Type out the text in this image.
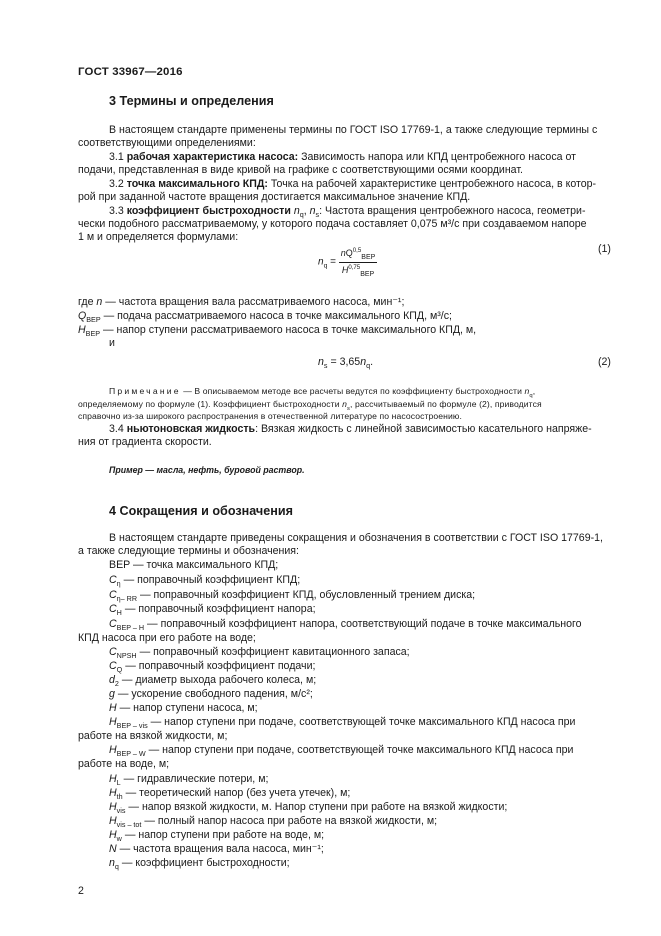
ГОСТ 33967—2016
3 Термины и определения
В настоящем стандарте применены термины по ГОСТ ISO 17769-1, а также следующие термины с
соответствующими определениями:
3.1 рабочая характеристика насоса: Зависимость напора или КПД центробежного насоса от
подачи, представленная в виде кривой на графике с соответствующими осями координат.
3.2 точка максимального КПД: Точка на рабочей характеристике центробежного насоса, в котор-
рой при заданной частоте вращения достигается максимальное значение КПД.
3.3 коэффициент быстроходности $n_q$, $n_s$: Частота вращения центробежного насоса, геометри-
чески подобного рассматриваемому, у которого подача составляет 0,075 м³/с при создаваемом напоре
1 м и определяется формулами:
$n_q = \frac{nQ^{0,5}_{BEP}}{H^{0,75}_{BEP}}$	(1)
где n — частота вращения вала рассматриваемого насоса, мин⁻¹;
$Q_{BEP}$ — подача рассматриваемого насоса в точке максимального КПД, м³/с;
$H_{BEP}$ — напор ступени рассматриваемого насоса в точке максимального КПД, м,
и
$n_s = 3,65n_q$.	(2)
Примечание — В описываемом методе все расчеты ведутся по коэффициенту быстроходности $n_q$,
определяемому по формуле (1). Коэффициент быстроходности $n_s$, рассчитываемый по формуле (2), приводится
справочно из-за широкого распространения в отечественной литературе по насосостроению.
3.4 ньютоновская жидкость: Вязкая жидкость с линейной зависимостью касательного напряже-
ния от градиента скорости.
Пример — масла, нефть, буровой раствор.
4 Сокращения и обозначения
В настоящем стандарте приведены сокращения и обозначения в соответствии с ГОСТ ISO 17769-1,
а также следующие термины и обозначения:
BEP — точка максимального КПД;
$C_\eta$ — поправочный коэффициент КПД;
$C_{\eta- RR}$ — поправочный коэффициент КПД, обусловленный трением диска;
$C_H$ — поправочный коэффициент напора;
$C_{BEP - H}$ — поправочный коэффициент напора, соответствующий подаче в точке максимального
КПД насоса при его работе на воде;
$C_{NPSH}$ — поправочный коэффициент кавитационного запаса;
$C_Q$ — поправочный коэффициент подачи;
$d_2$ — диаметр выхода рабочего колеса, м;
g — ускорение свободного падения, м/с²;
H — напор ступени насоса, м;
$H_{BEP - vis}$ — напор ступени при подаче, соответствующей точке максимального КПД насоса при
работе на вязкой жидкости, м;
$H_{BEP - W}$ — напор ступени при подаче, соответствующей точке максимального КПД насоса при
работе на воде, м;
$H_L$ — гидравлические потери, м;
$H_{th}$ — теоретический напор (без учета утечек), м;
$H_{vis}$ — напор вязкой жидкости, м. Напор ступени при работе на вязкой жидкости;
$H_{vis - tot}$ — полный напор насоса при работе на вязкой жидкости, м;
$H_w$ — напор ступени при работе на воде, м;
N — частота вращения вала насоса, мин⁻¹;
$n_q$ — коэффициент быстроходности;
2
